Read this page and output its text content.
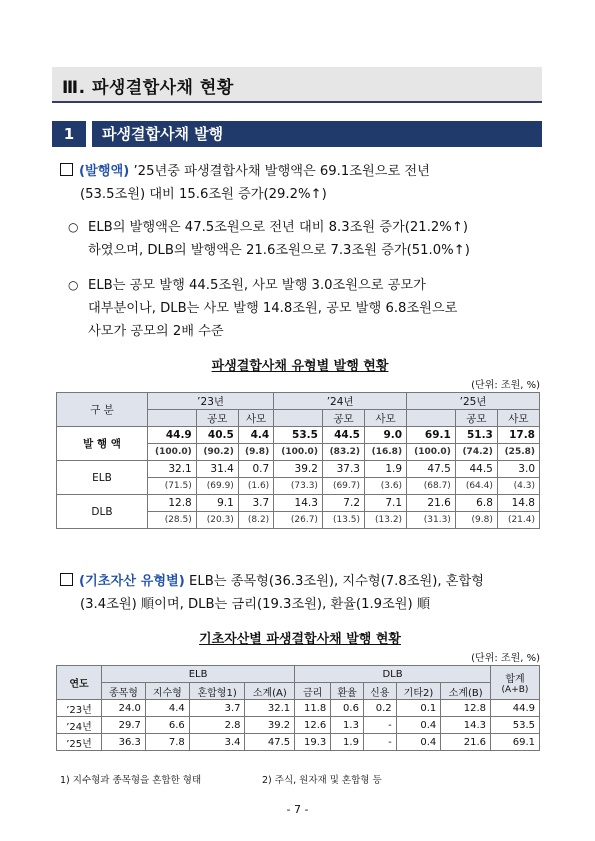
Ⅲ. 파생결합사채 현황
1	파생결합사채 발행
(발행액) ’25년중 파생결합사채 발행액은 69.1조원으로 전년
(53.5조원) 대비 15.6조원 증가(29.2%↑)
○ ELB의 발행액은 47.5조원으로 전년 대비 8.3조원 증가(21.2%↑)
하였으며, DLB의 발행액은 21.6조원으로 7.3조원 증가(51.0%↑)
○ ELB는 공모 발행 44.5조원, 사모 발행 3.0조원으로 공모가
대부분이나, DLB는 사모 발행 14.8조원, 공모 발행 6.8조원으로
사모가 공모의 2배 수준
파생결합사채 유형별 발행 현황
(단위: 조원, %)
구 분	’23년			’24년			’25년		
		공모	사모		공모	사모		공모	사모
발 행 액	44.9	40.5	4.4	53.5	44.5	9.0	69.1	51.3	17.8
	(100.0)	(90.2)	(9.8)	(100.0)	(83.2)	(16.8)	(100.0)	(74.2)	(25.8)
ELB	32.1	31.4	0.7	39.2	37.3	1.9	47.5	44.5	3.0
	(71.5)	(69.9)	(1.6)	(73.3)	(69.7)	(3.6)	(68.7)	(64.4)	(4.3)
DLB	12.8	9.1	3.7	14.3	7.2	7.1	21.6	6.8	14.8
	(28.5)	(20.3)	(8.2)	(26.7)	(13.5)	(13.2)	(31.3)	(9.8)	(21.4)
(기초자산 유형별) ELB는 종목형(36.3조원), 지수형(7.8조원), 혼합형
(3.4조원) 順이며, DLB는 금리(19.3조원), 환율(1.9조원) 順
기초자산별 파생결합사채 발행 현황
(단위: 조원, %)
연도	ELB				DLB					합계
(A+B)

	종목형	지수형	혼합형1)	소계(A)	금리	환율	신용	기타2)	소계(B)	
’23년	24.0	4.4	3.7	32.1	11.8	0.6	0.2	0.1	12.8	44.9
’24년	29.7	6.6	2.8	39.2	12.6	1.3	-	0.4	14.3	53.5
’25년	36.3	7.8	3.4	47.5	19.3	1.9	-	0.4	21.6	69.1
1) 지수형과 종목형을 혼합한 형태	2) 주식, 원자재 및 혼합형 등
- 7 -
